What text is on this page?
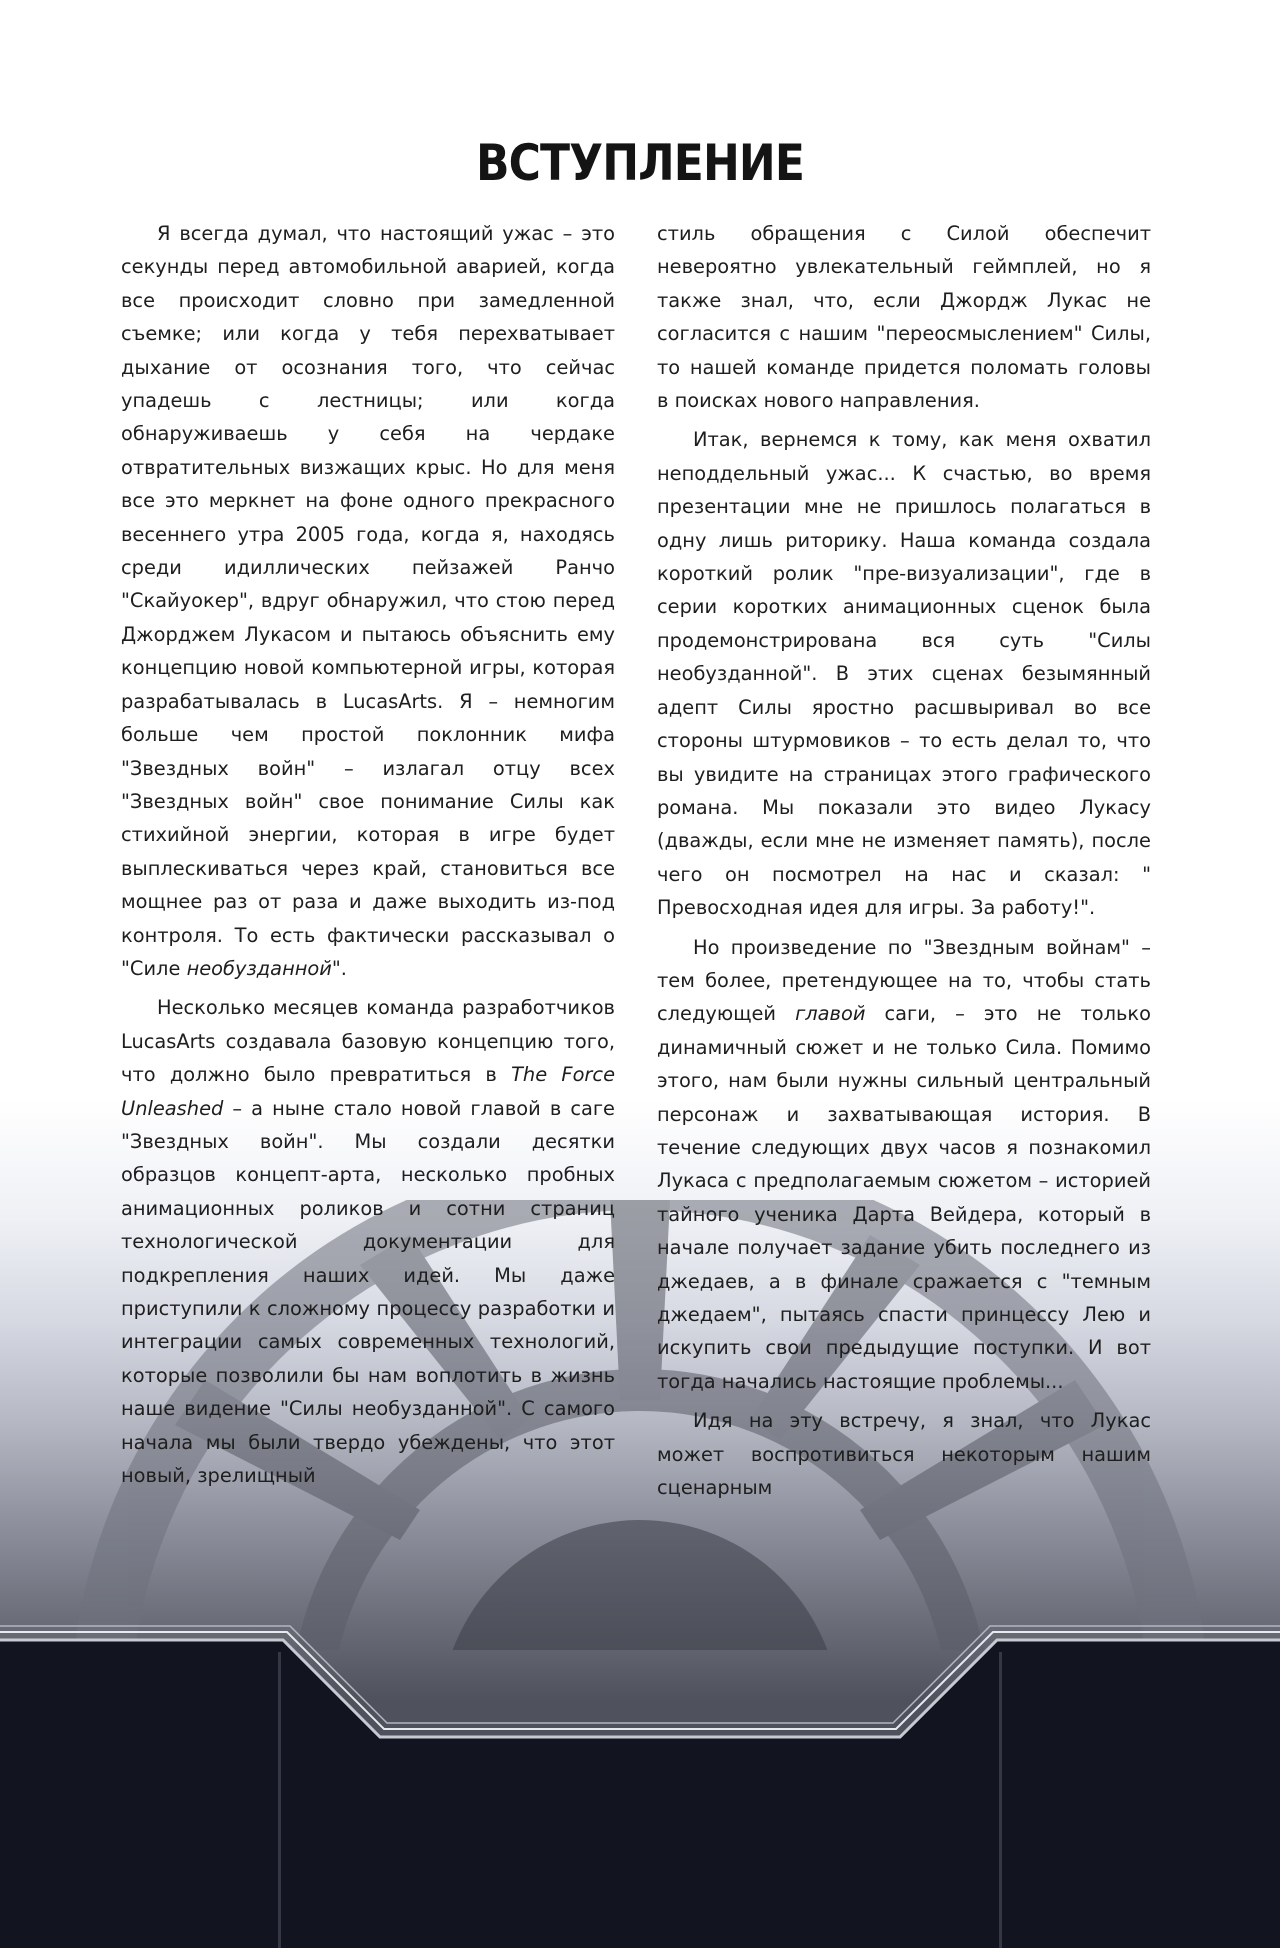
ВСТУПЛЕНИЕ

Я всегда думал, что настоящий ужас – это секунды перед автомобильной аварией, когда все происходит словно при замедленной съемке; или когда у тебя перехватывает дыхание от осознания того, что сейчас упадешь с лестницы; или когда обнаруживаешь у себя на чердаке отвратительных визжащих крыс. Но для меня все это меркнет на фоне одного прекрасного весеннего утра 2005 года, когда я, находясь среди идиллических пейзажей Ранчо "Скайуокер", вдруг обнаружил, что стою перед Джорджем Лукасом и пытаюсь объяснить ему концепцию новой компьютерной игры, которая разрабатывалась в LucasArts. Я – немногим больше чем простой поклонник мифа "Звездных войн" – излагал отцу всех "Звездных войн" свое понимание Силы как стихийной энергии, которая в игре будет выплескиваться через край, становиться все мощнее раз от раза и даже выходить из-под контроля. То есть фактически рассказывал о "Силе необузданной".

Несколько месяцев команда разработчиков LucasArts создавала базовую концепцию того, что должно было превратиться в The Force Unleashed – а ныне стало новой главой в саге "Звездных войн". Мы создали десятки образцов концепт-арта, несколько пробных анимационных роликов и сотни страниц технологической документации для подкрепления наших идей. Мы даже приступили к сложному процессу разработки и интеграции самых современных технологий, которые позволили бы нам воплотить в жизнь наше видение "Силы необузданной". С самого начала мы были твердо убеждены, что этот новый, зрелищный

стиль обращения с Силой обеспечит невероятно увлекательный геймплей, но я также знал, что, если Джордж Лукас не согласится с нашим "переосмыслением" Силы, то нашей команде придется поломать головы в поисках нового направления.

Итак, вернемся к тому, как меня охватил неподдельный ужас... К счастью, во время презентации мне не пришлось полагаться в одну лишь риторику. Наша команда создала короткий ролик "пре-визуализации", где в серии коротких анимационных сценок была продемонстрирована вся суть "Силы необузданной". В этих сценах безымянный адепт Силы яростно расшвыривал во все стороны штурмовиков – то есть делал то, что вы увидите на страницах этого графического романа. Мы показали это видео Лукасу (дважды, если мне не изменяет память), после чего он посмотрел на нас и сказал: " Превосходная идея для игры. За работу!".

Но произведение по "Звездным войнам" – тем более, претендующее на то, чтобы стать следующей главой саги, – это не только динамичный сюжет и не только Сила. Помимо этого, нам были нужны сильный центральный персонаж и захватывающая история. В течение следующих двух часов я познакомил Лукаса с предполагаемым сюжетом – историей тайного ученика Дарта Вейдера, который в начале получает задание убить последнего из джедаев, а в финале сражается с "темным джедаем", пытаясь спасти принцессу Лею и искупить свои предыдущие поступки. И вот тогда начались настоящие проблемы...

Идя на эту встречу, я знал, что Лукас может воспротивиться некоторым нашим сценарным
